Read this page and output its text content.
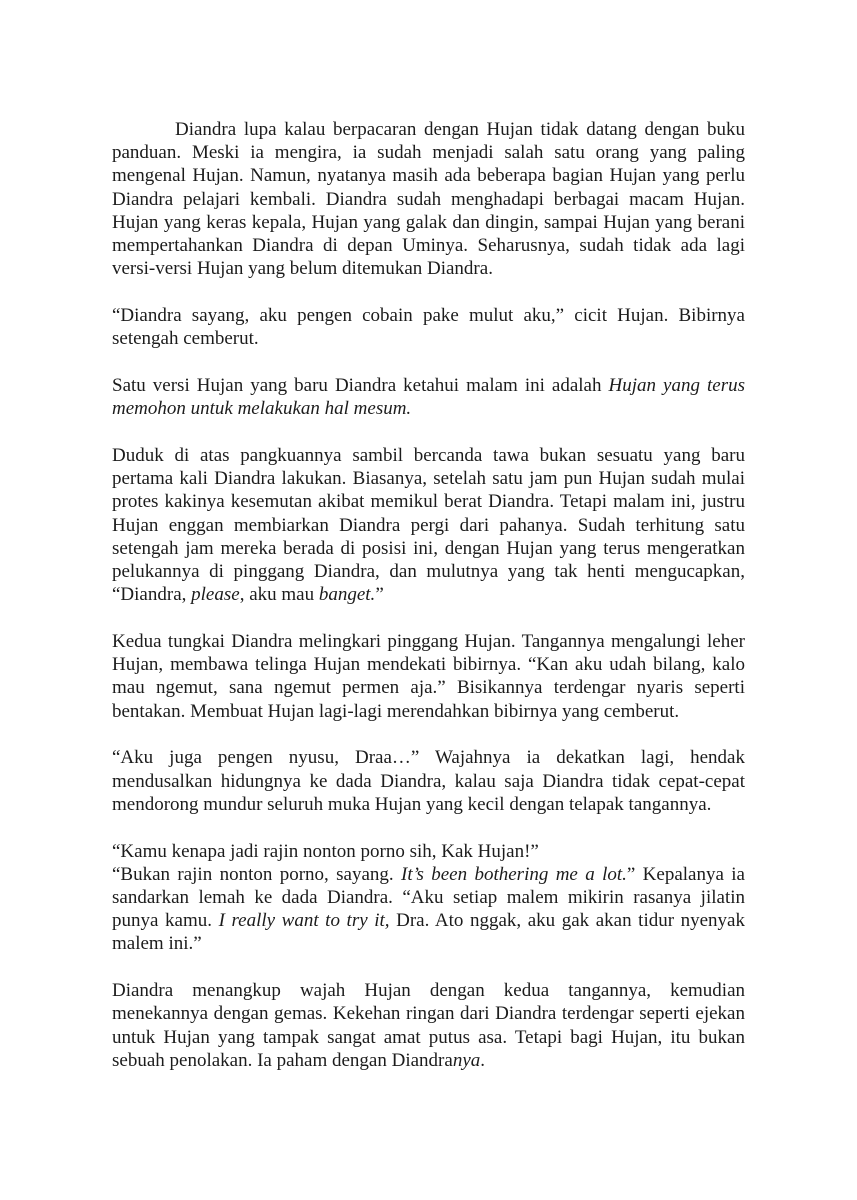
Diandra lupa kalau berpacaran dengan Hujan tidak datang dengan buku panduan. Meski ia mengira, ia sudah menjadi salah satu orang yang paling mengenal Hujan. Namun, nyatanya masih ada beberapa bagian Hujan yang perlu Diandra pelajari kembali. Diandra sudah menghadapi berbagai macam Hujan. Hujan yang keras kepala, Hujan yang galak dan dingin, sampai Hujan yang berani mempertahankan Diandra di depan Uminya. Seharusnya, sudah tidak ada lagi versi-versi Hujan yang belum ditemukan Diandra.

“Diandra sayang, aku pengen cobain pake mulut aku,” cicit Hujan. Bibirnya setengah cemberut.

Satu versi Hujan yang baru Diandra ketahui malam ini adalah Hujan yang terus memohon untuk melakukan hal mesum.

Duduk di atas pangkuannya sambil bercanda tawa bukan sesuatu yang baru pertama kali Diandra lakukan. Biasanya, setelah satu jam pun Hujan sudah mulai protes kakinya kesemutan akibat memikul berat Diandra. Tetapi malam ini, justru Hujan enggan membiarkan Diandra pergi dari pahanya. Sudah terhitung satu setengah jam mereka berada di posisi ini, dengan Hujan yang terus mengeratkan pelukannya di pinggang Diandra, dan mulutnya yang tak henti mengucapkan, “Diandra, please, aku mau banget.”

Kedua tungkai Diandra melingkari pinggang Hujan. Tangannya mengalungi leher Hujan, membawa telinga Hujan mendekati bibirnya. “Kan aku udah bilang, kalo mau ngemut, sana ngemut permen aja.” Bisikannya terdengar nyaris seperti bentakan. Membuat Hujan lagi-lagi merendahkan bibirnya yang cemberut.

“Aku juga pengen nyusu, Draa…” Wajahnya ia dekatkan lagi, hendak mendusalkan hidungnya ke dada Diandra, kalau saja Diandra tidak cepat-cepat mendorong mundur seluruh muka Hujan yang kecil dengan telapak tangannya.

“Kamu kenapa jadi rajin nonton porno sih, Kak Hujan!”

“Bukan rajin nonton porno, sayang. It’s been bothering me a lot.” Kepalanya ia sandarkan lemah ke dada Diandra. “Aku setiap malem mikirin rasanya jilatin punya kamu. I really want to try it, Dra. Ato nggak, aku gak akan tidur nyenyak malem ini.”

Diandra menangkup wajah Hujan dengan kedua tangannya, kemudian menekannya dengan gemas. Kekehan ringan dari Diandra terdengar seperti ejekan untuk Hujan yang tampak sangat amat putus asa. Tetapi bagi Hujan, itu bukan sebuah penolakan. Ia paham dengan Diandranya.
